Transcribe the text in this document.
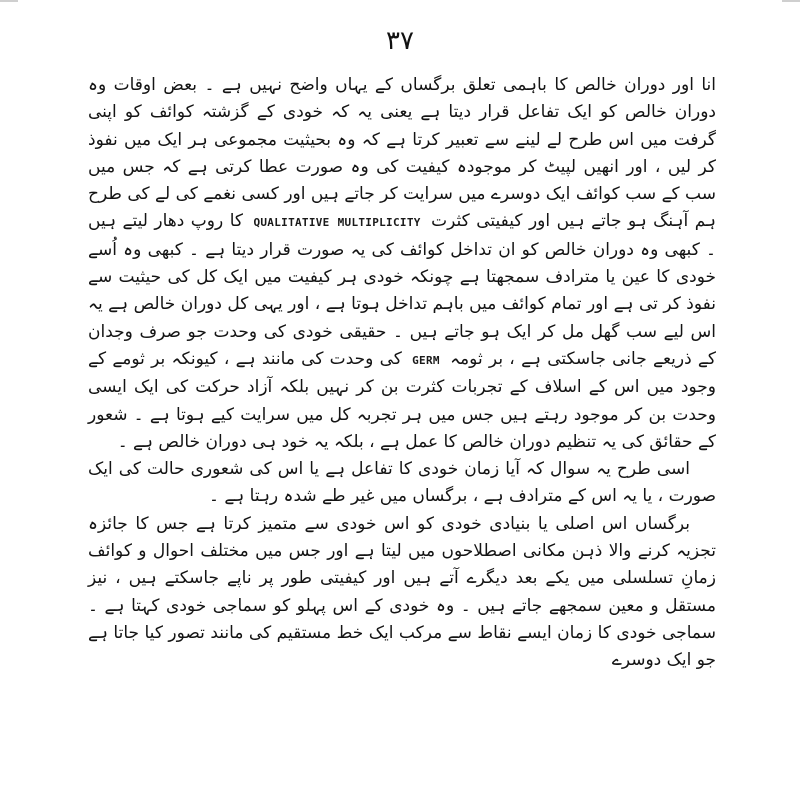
۳۷

انا اور دوران خالص کا باہمی تعلق برگساں کے یہاں واضح نہیں ہے ۔ بعض اوقات وہ دوران خالص کو ایک تفاعل قرار دیتا ہے یعنی یہ کہ خودی کے گزشتہ کوائف کو اپنی گرفت میں اس طرح لے لینے سے تعبیر کرتا ہے کہ وہ بحیثیت مجموعی ہر ایک میں نفوذ کر لیں ، اور انھیں لپیٹ کر موجودہ کیفیت کی وہ صورت عطا کرتی ہے کہ جس میں سب کے سب کوائف ایک دوسرے میں سرایت کر جاتے ہیں اور کسی نغمے کی لے کی طرح ہم آہنگ ہو جاتے ہیں اور کیفیتی کثرت QUALITATIVE MULTIPLICITY کا روپ دھار لیتے ہیں ۔ کبھی وہ دوران خالص کو ان تداخل کوائف کی یہ صورت قرار دیتا ہے ۔ کبھی وہ اُسے خودی کا عین یا مترادف سمجھتا ہے چونکہ خودی ہر کیفیت میں ایک کل کی حیثیت سے نفوذ کر تی ہے اور تمام کوائف میں باہم تداخل ہوتا ہے ، اور یہی کل دوران خالص ہے یہ اس لیے سب گھل مل کر ایک ہو جاتے ہیں ۔ حقیقی خودی کی وحدت جو صرف وجدان کے ذریعے جانی جاسکتی ہے ، بر ثومہ GERM کی وحدت کی مانند ہے ، کیونکہ بر ثومے کے وجود میں اس کے اسلاف کے تجربات کثرت بن کر نہیں بلکہ آزاد حرکت کی ایک ایسی وحدت بن کر موجود رہتے ہیں جس میں ہر تجربہ کل میں سرایت کیے ہوتا ہے ۔ شعور کے حقائق کی یہ تنظیم دوران خالص کا عمل ہے ، بلکہ یہ خود ہی دوران خالص ہے ۔

اسی طرح یہ سوال کہ آیا زمان خودی کا تفاعل ہے یا اس کی شعوری حالت کی ایک صورت ، یا یہ اس کے مترادف ہے ، برگساں میں غیر طے شدہ رہتا ہے ۔

برگساں اس اصلی یا بنیادی خودی کو اس خودی سے متمیز کرتا ہے جس کا جائزہ تجزیہ کرنے والا ذہن مکانی اصطلاحوں میں لیتا ہے اور جس میں مختلف احوال و کوائف زمانِ تسلسلی میں یکے بعد دیگرے آتے ہیں اور کیفیتی طور پر ناپے جاسکتے ہیں ، نیز مستقل و معین سمجھے جاتے ہیں ۔ وہ خودی کے اس پہلو کو سماجی خودی کہتا ہے ۔ سماجی خودی کا زمان ایسے نقاط سے مرکب ایک خط مستقیم کی مانند تصور کیا جاتا ہے جو ایک دوسرے
